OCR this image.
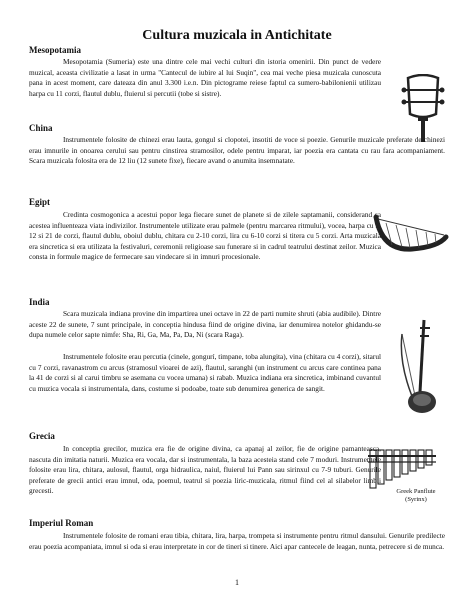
Cultura muzicala in Antichitate
Mesopotamia

Mesopotamia (Sumeria) este una dintre cele mai vechi culturi din istoria omenirii. Din punct de vedere muzical, aceasta civilizatie a lasat in urma "Cantecul de iubire al lui Suqin", cea mai veche piesa muzicala cunoscuta pana in acest moment, care dateaza din anul 3.300 i.e.n. Din pictograme reiese faptul ca sumero-babilonienii utilizau harpa cu 11 corzi, flautul dublu, fluierul si percutii (tobe si sistre).

China

Instrumentele folosite de chinezi erau lauta, gongul si clopotei, insotiti de voce si poezie. Genurile muzicale preferate de chinezi erau imnurile in onoarea cerului sau pentru cinstirea stramosilor, odele pentru imparat, iar poezia era cantata cu rau fara acompaniament. Scara muzicala folosita era de 12 liu (12 sunete fixe), fiecare avand o anumita insemnatate.

Egipt

Credinta cosmogonica a acestui popor lega fiecare sunet de planete si de zilele saptamanii, considerand ca acestea influenteaza viata indivizilor. Instrumentele utilizate erau palmele (pentru marcarea ritmului), vocea, harpa cu 3, 12 si 21 de corzi, flautul dublu, oboiul dublu, chitara cu 2-10 corzi, lira cu 6-10 corzi si titera cu 5 corzi. Arta muzicala era sincretica si era utilizata la festivaluri, ceremonii religioase sau funerare si in cadrul teatrului destinat zeilor. Muzica consta in formule magice de fermecare sau vindecare si in imnuri procesionale.

India

Scara muzicala indiana provine din impartirea unei octave in 22 de parti numite shruti (abia audibile). Dintre aceste 22 de sunete, 7 sunt principale, in conceptia hindusa fiind de origine divina, iar denumirea notelor ghidandu-se dupa numele celor sapte nimfe: Sha, Ri, Ga, Ma, Pa, Da, Ni (scara Raga).

Instrumentele folosite erau percutia (cinele, gongurí, timpane, toba alungita), vina (chitara cu 4 corzi), sitarul cu 7 corzi, ravanastrom cu arcus (stramosul vioarei de azi), flautul, saranghi (un instrument cu arcus care continea pana la 41 de corzi si al carui timbru se asemana cu vocea umana) si rabab. Muzica indiana era sincretica, imbinand cuvantul cu muzica vocala si instrumentala, dans, costume si podoabe, toate sub denumirea generica de sangit.

Grecia

In conceptia grecilor, muzica era fie de origine divina, ca apanaj al zeilor, fie de origine pamanteasca, nascuta din imitatia naturii. Muzica era vocala, dar si instrumentala, la baza acesteia stand cele 7 moduri. Instrumentele folosite erau lira, chitara, aulosul, flautul, orga hidraulica, naiul, fluierul lui Pann sau sirinxul cu 7-9 tuburi. Genurile preferate de grecii antici erau imnul, oda, poemul, teatrul si poezia liric-muzicala, ritmul fiind cel al silabelor limbii grecesti.	Greek Panflute
(Syrinx)
Imperiul Roman

Instrumentele folosite de romani erau tibia, chitara, lira, harpa, trompeta si instrumente pentru ritmul dansului. Genurile predilecte erau poezia acompaniata, imnul si oda si erau interpretate in cor de tineri si tinere. Aici apar cantecele de leagan, nunta, petrecere si de munca.

1
